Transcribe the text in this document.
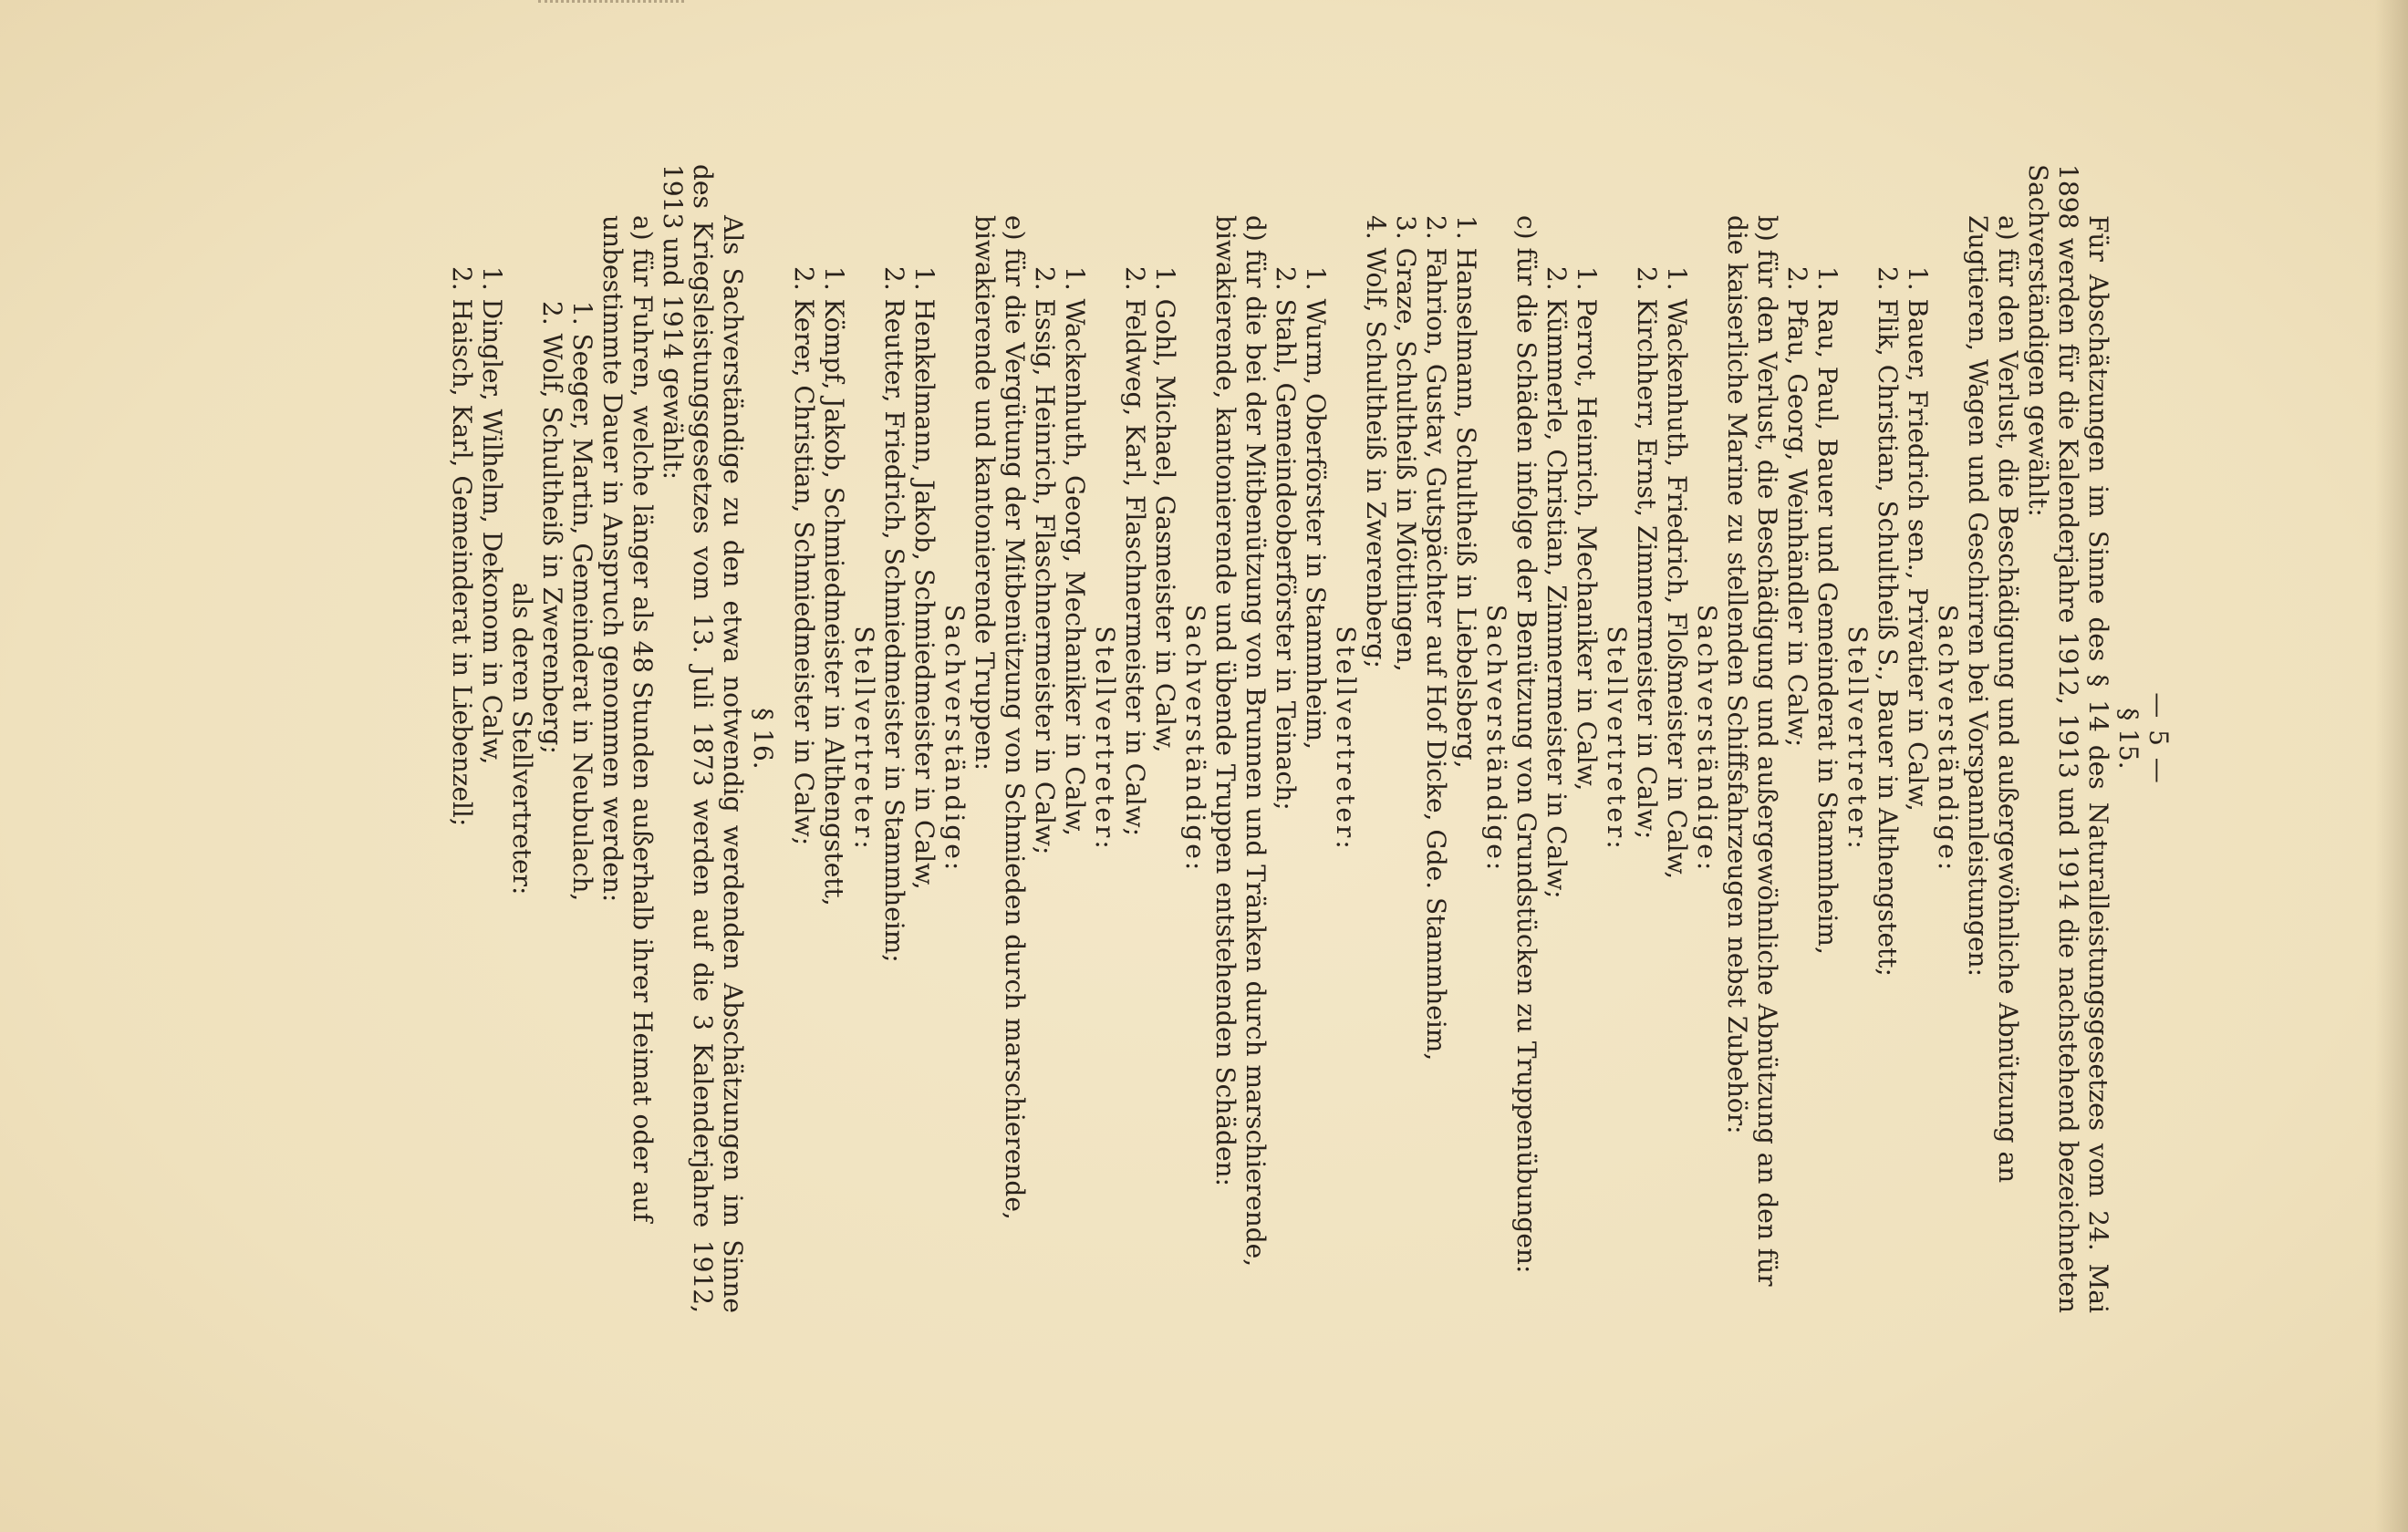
— 5 —
§ 15.

Für Abschätzungen im Sinne des § 14 des Naturalleistungsgesetzes vom 24. Mai 1898 werden für die Kalenderjahre 1912, 1913 und 1914 die nachstehend bezeichneten Sachverständigen gewählt:

a) für den Verlust, die Beschädigung und außergewöhnliche Abnützung an Zugtieren, Wagen und Geschirren bei Vorspannleistungen:

Sachverständige:
1. Bauer, Friedrich sen., Privatier in Calw,
2. Flik, Christian, Schultheiß S., Bauer in Althengstett;
Stellvertreter:
1. Rau, Paul, Bauer und Gemeinderat in Stammheim,
2. Pfau, Georg, Weinhändler in Calw;

b) für den Verlust, die Beschädigung und außergewöhnliche Abnützung an den für die kaiserliche Marine zu stellenden Schiffsfahrzeugen nebst Zubehör:

Sachverständige:
1. Wackenhuth, Friedrich, Floßmeister in Calw,
2. Kirchherr, Ernst, Zimmermeister in Calw;
Stellvertreter:
1. Perrot, Heinrich, Mechaniker in Calw,
2. Kümmerle, Christian, Zimmermeister in Calw;

c) für die Schäden infolge der Benützung von Grundstücken zu Truppenübungen:

Sachverständige:
1. Hanselmann, Schultheiß in Liebelsberg,
2. Fahrion, Gustav, Gutspächter auf Hof Dicke, Gde. Stammheim,
3. Graze, Schultheiß in Möttlingen,
4. Wolf, Schultheiß in Zwerenberg;
Stellvertreter:
1. Wurm, Oberförster in Stammheim,
2. Stahl, Gemeindeoberförster in Teinach;

d) für die bei der Mitbenützung von Brunnen und Tränken durch marschierende, biwakierende, kantonierende und übende Truppen entstehenden Schäden:

Sachverständige:
1. Gohl, Michael, Gasmeister in Calw,
2. Feldweg, Karl, Flaschnermeister in Calw;
Stellvertreter:
1. Wackenhuth, Georg, Mechaniker in Calw,
2. Essig, Heinrich, Flaschnermeister in Calw;

e) für die Vergütung der Mitbenützung von Schmieden durch marschierende, biwakierende und kantonierende Truppen:

Sachverständige:
1. Henkelmann, Jakob, Schmiedmeister in Calw,
2. Reutter, Friedrich, Schmiedmeister in Stammheim;
Stellvertreter:
1. Kömpf, Jakob, Schmiedmeister in Althengstett,
2. Kerer, Christian, Schmiedmeister in Calw;
§ 16.

Als Sachverständige zu den etwa notwendig werdenden Abschätzungen im Sinne des Kriegsleistungsgesetzes vom 13. Juli 1873 werden auf die 3 Kalenderjahre 1912, 1913 und 1914 gewählt:

a) für Fuhren, welche länger als 48 Stunden außerhalb ihrer Heimat oder auf unbestimmte Dauer in Anspruch genommen werden:

1. Seeger, Martin, Gemeinderat in Neubulach,
2. Wolf, Schultheiß in Zwerenberg;
als deren Stellvertreter:
1. Dingler, Wilhelm, Dekonom in Calw,
2. Haisch, Karl, Gemeinderat in Liebenzell;
